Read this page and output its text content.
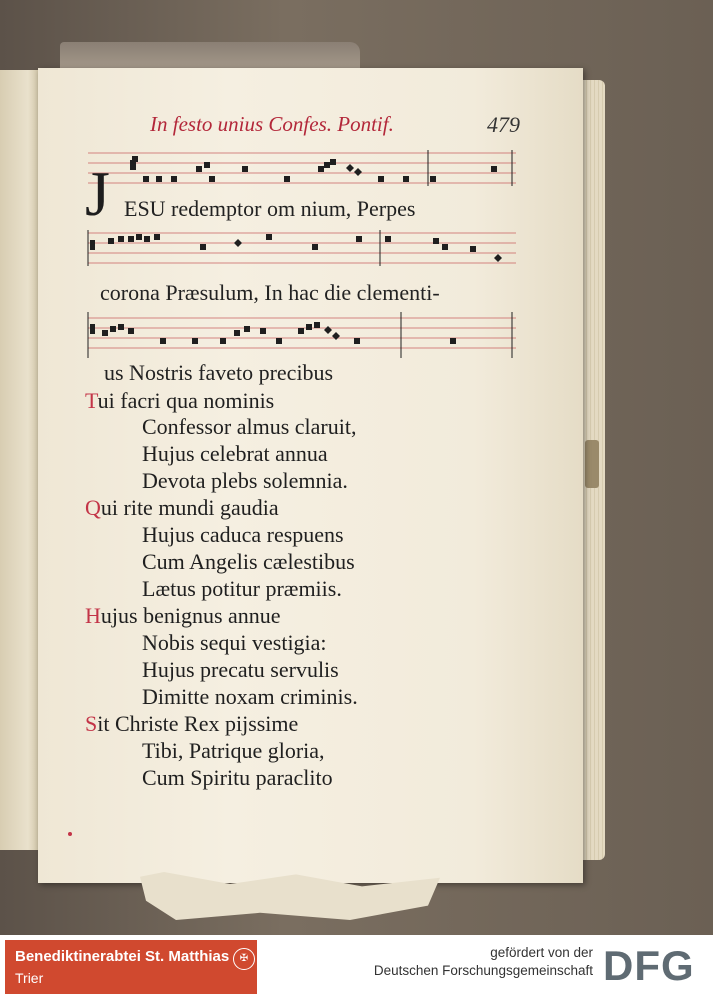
In festo unius Confes. Pontif.	479
J ESU redemptor om nium, Perpes
corona Præsulum, In hac die clementi-
us Nostris faveto precibus
Tui facri qua nominis
Confessor almus claruit,
Hujus celebrat annua
Devota plebs solemnia.
Qui rite mundi gaudia
Hujus caduca respuens
Cum Angelis cælestibus
Lætus potitur præmiis.
Hujus benignus annue
Nobis sequi vestigia:
Hujus precatu servulis
Dimitte noxam criminis.
Sit Christe Rex pijssime
Tibi, Patrique gloria,
Cum Spiritu paraclito
Benediktinerabtei St. Matthias
Trier
✠	gefördert von der
Deutschen Forschungsgemeinschaft DFG
